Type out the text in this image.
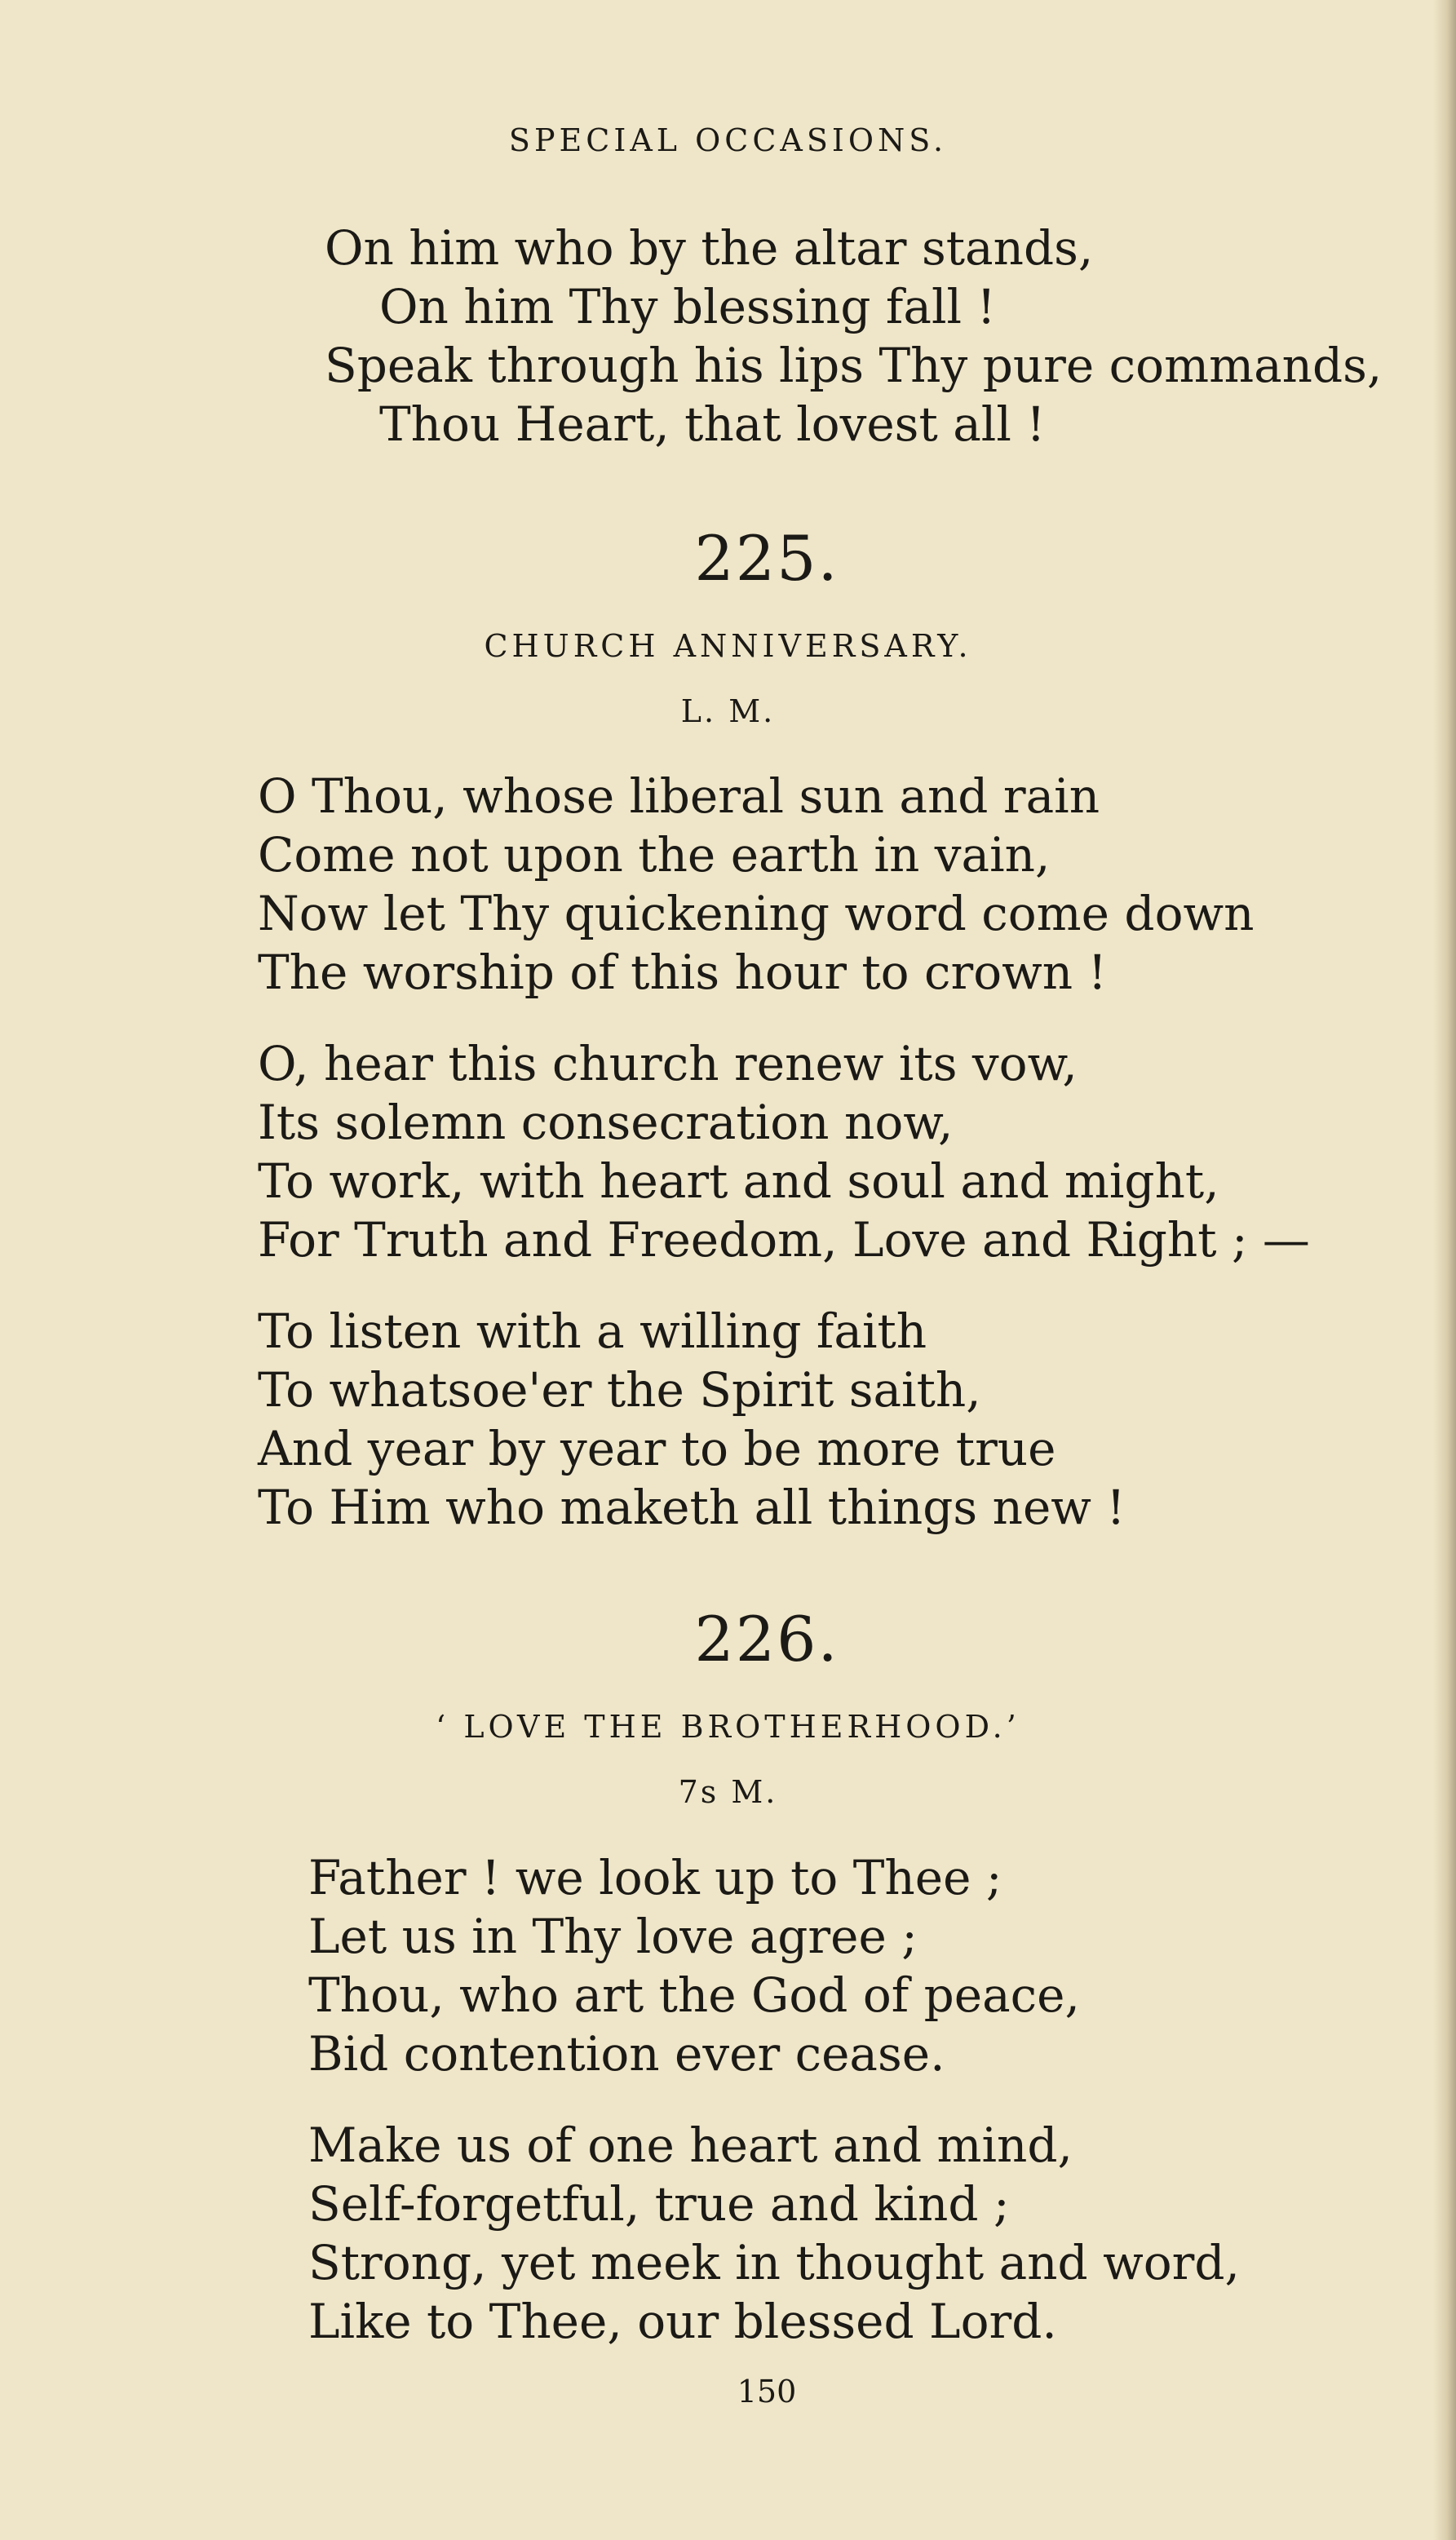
SPECIAL OCCASIONS.
On him who by the altar stands,
On him Thy blessing fall !
Speak through his lips Thy pure commands,
Thou Heart, that lovest all !
225.
CHURCH ANNIVERSARY.
L. M.
O Thou, whose liberal sun and rain
Come not upon the earth in vain,
Now let Thy quickening word come down
The worship of this hour to crown !
O, hear this church renew its vow,
Its solemn consecration now,
To work, with heart and soul and might,
For Truth and Freedom, Love and Right ; —
To listen with a willing faith
To whatsoe'er the Spirit saith,
And year by year to be more true
To Him who maketh all things new !
226.
‘ LOVE THE BROTHERHOOD.’
7s M.
Father ! we look up to Thee ;
Let us in Thy love agree ;
Thou, who art the God of peace,
Bid contention ever cease.
Make us of one heart and mind,
Self-forgetful, true and kind ;
Strong, yet meek in thought and word,
Like to Thee, our blessed Lord.
150
